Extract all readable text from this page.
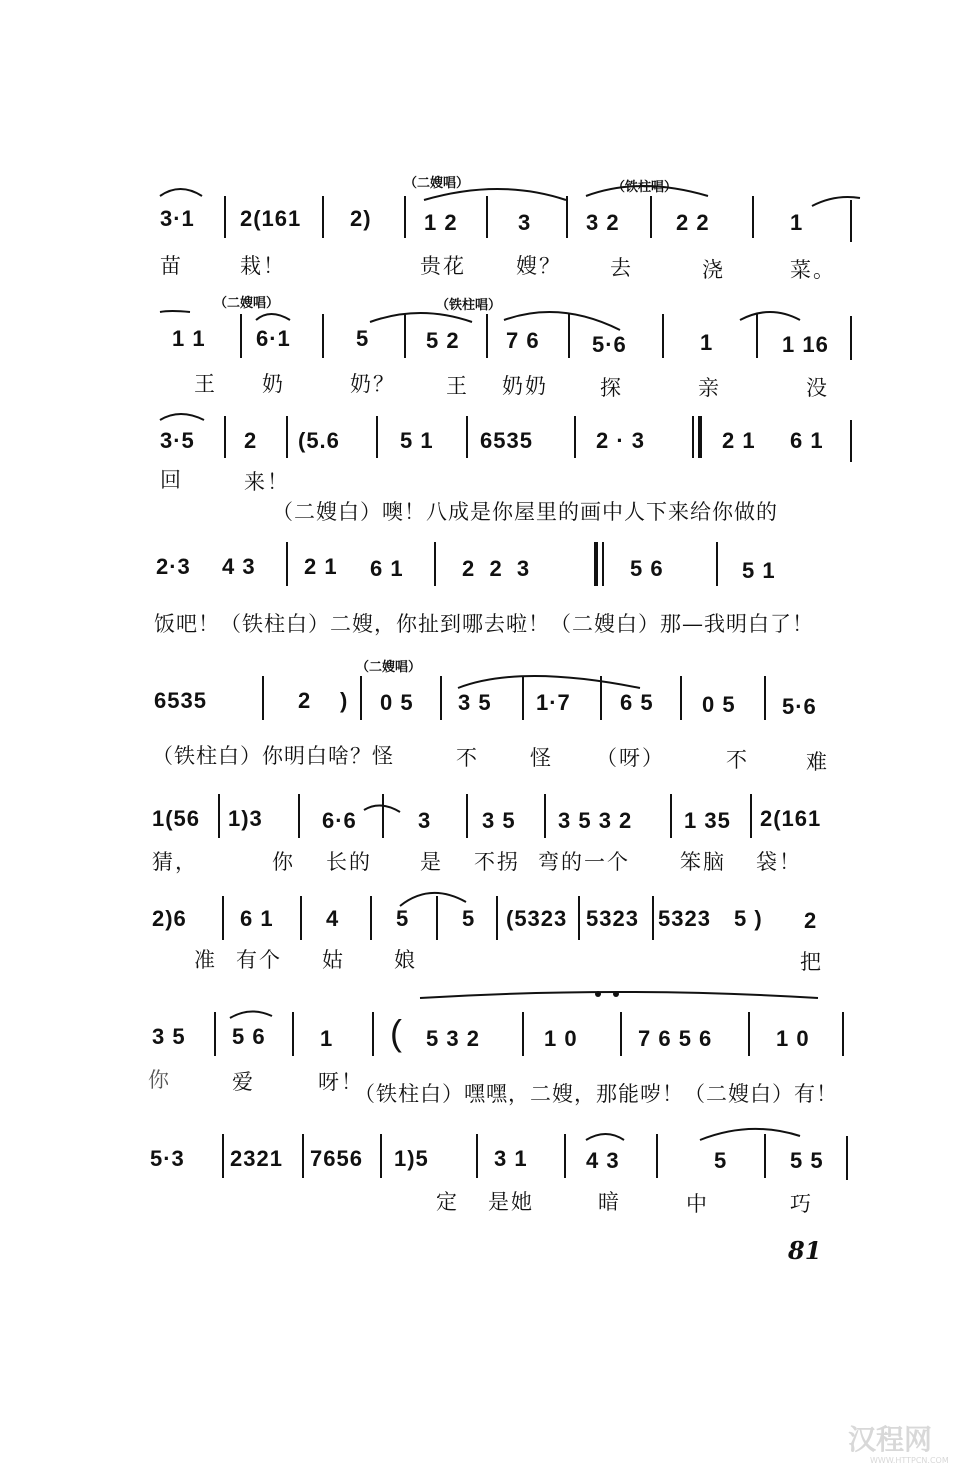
（二嫂唱）	（铁柱唱）
3·1 2(161 2) 1 2	3 3 2	2 2	1
苗	栽！	贵花 嫂？ 去	浇	菜。
（二嫂唱）	（铁柱唱）
1 1 6·1	5	5 2 7 6 5·6	1	1 16
王 奶	奶？ 王 奶奶 探	亲	没
3·5 2 (5.6	5 1 6535	2 · 3	2 1 6 1
回	来！
（二嫂白）噢！八成是你屋里的画中人下来给你做的
2·3 4 3 2 1 6 1	2  2  3	5 6	5 1
饭吧！（铁柱白）二嫂，你扯到哪去啦！（二嫂白）那—我明白了！
（二嫂唱）
6535	2 ) 0 5 3 5 1·7 6 5 0 5 5·6
（铁柱白）你明白啥？怪	不 怪 （呀）	不	难
1(56 1)3	6·6	3 3 5 3 5 3 2 1 35 2(161
猜，	你 长的 是 不拐 弯的一个 笨脑 袋！
2)6 6 1 4	5 5 (5323 5323 5323 5 ) 2
准 有个 姑 娘	把
3 5 5 6 1 ( 5 3 2	1 0	7 6 5 6	1 0
你	爱	呀！
（铁柱白）嘿嘿，二嫂，那能哕！（二嫂白）有！
5·3 2321 7656 1)5	3 1	4 3	5	5 5
定 是她	暗	中	巧
81
汉程网
WWW.HTTPCN.COM
